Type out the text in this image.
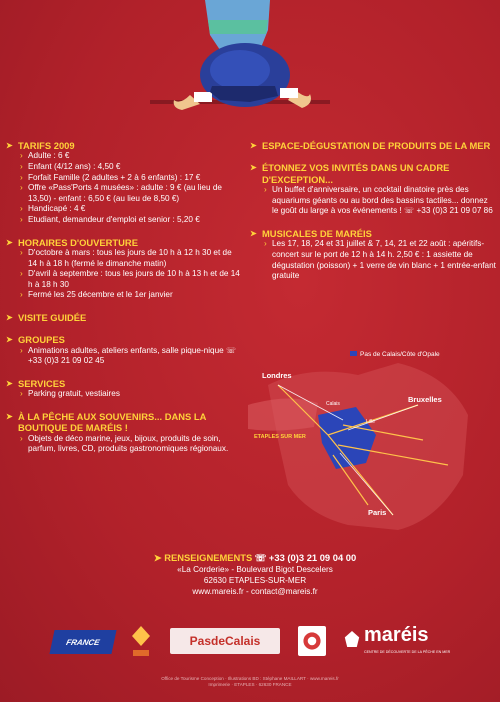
➤ TARIFS 2009
› Adulte : 6 €
› Enfant (4/12 ans) : 4,50 €
› Forfait Famille (2 adultes + 2 à 6 enfants) : 17 €
› Offre «Pass'Ports 4 musées» : adulte : 9 € (au lieu de 13,50) - enfant : 6,50 € (au lieu de 8,50 €)
› Handicapé : 4 €
› Etudiant, demandeur d'emploi et senior : 5,20 €
➤ HORAIRES D'OUVERTURE
› D'octobre à mars : tous les jours de 10 h à 12 h 30 et de 14 h à 18 h (fermé le dimanche matin)
› D'avril à septembre : tous les jours de 10 h à 13 h et de 14 h à 18 h 30
› Fermé les 25 décembre et le 1er janvier
➤ VISITE GUIDÉE
➤ GROUPES
› Animations adultes, ateliers enfants, salle pique-nique ☏ +33 (0)3 21 09 02 45
➤ SERVICES
› Parking gratuit, vestiaires
➤ À LA PÊCHE AUX SOUVENIRS... DANS LA BOUTIQUE DE MARÉIS !
› Objets de déco marine, jeux, bijoux, produits de soin, parfum, livres, CD, produits gastronomiques régionaux.
➤ ESPACE-DÉGUSTATION DE PRODUITS DE LA MER
➤ ÉTONNEZ VOS INVITÉS DANS UN CADRE D'EXCEPTION...
› Un buffet d'anniversaire, un cocktail dinatoire près des aquariums géants ou au bord des bassins tactiles... donnez le goût du large à vos événements ! ☏ +33 (0)3 21 09 07 86
➤ MUSICALES DE MARÉIS
› Les 17, 18, 24 et 31 juillet & 7, 14, 21 et 22 août : apéritifs-concert sur le port de 12 h à 14 h. 2,50 € : 1 assiette de dégustation (poisson) + 1 verre de vin blanc + 1 entrée-enfant gratuite
Pas de Calais/Côte d'Opale
Londres
Bruxelles
Lille
Calais
ETAPLES SUR MER
Paris
➤ RENSEIGNEMENTS ☏ +33 (0)3 21 09 04 00
«La Corderie» - Boulevard Bigot Descelers
62630 ETAPLES-SUR-MER
www.mareis.fr - contact@mareis.fr
FRANCE	PasdeCalais	maréis
CENTRE DE DÉCOUVERTE DE LA PÊCHE EN MER
Office de Tourisme Conception · Illustrations BD : Stéphane MAILLART · www.mareis.fr
Imprimerie · ETAPLES · 62630 FRANCE
